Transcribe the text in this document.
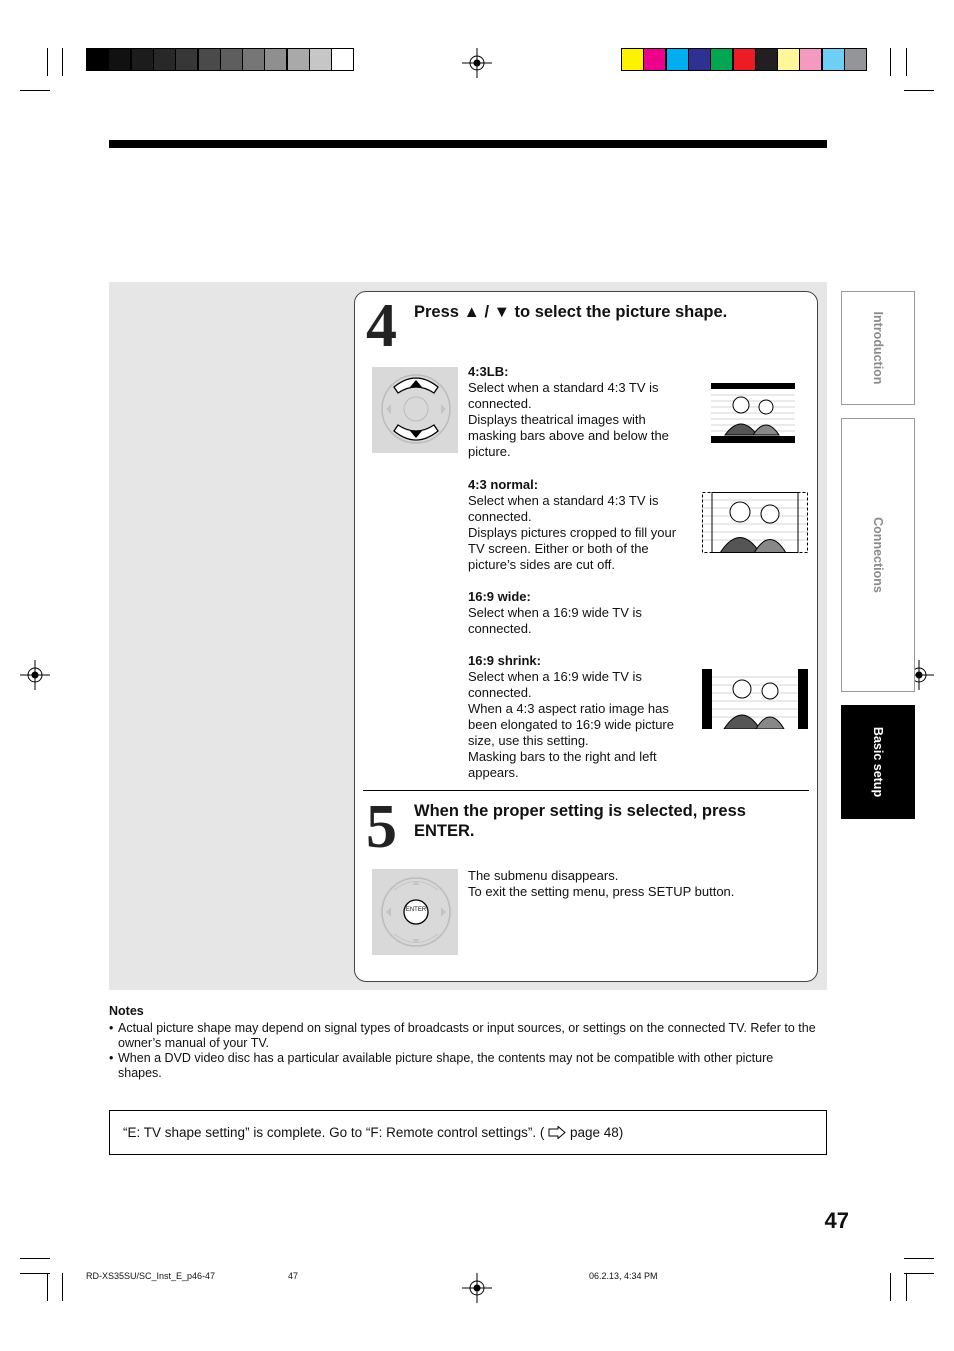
4 Press ▲ / ▼ to select the picture shape.
4:3LB:
Select when a standard 4:3 TV is
connected.
Displays theatrical images with
masking bars above and below the
picture.
4:3 normal:
Select when a standard 4:3 TV is
connected.
Displays pictures cropped to fill your
TV screen. Either or both of the
picture’s sides are cut off.
16:9 wide:
Select when a 16:9 wide TV is
connected.
16:9 shrink:
Select when a 16:9 wide TV is
connected.
When a 4:3 aspect ratio image has
been elongated to 16:9 wide picture
size, use this setting.
Masking bars to the right and left
appears.
5 When the proper setting is selected, press
ENTER.
ENTER
The submenu disappears.
To exit the setting menu, press SETUP button.
Introduction
Connections
Basic setup
Notes
• Actual picture shape may depend on signal types of broadcasts or input sources, or settings on the connected TV. Refer to the owner’s manual of your TV.
• When a DVD video disc has a particular available picture shape, the contents may not be compatible with other picture shapes.
“E: TV shape setting” is complete. Go to “F: Remote control settings”. ( page 48)
47
RD-XS35SU/SC_Inst_E_p46-47	47	06.2.13, 4:34 PM
